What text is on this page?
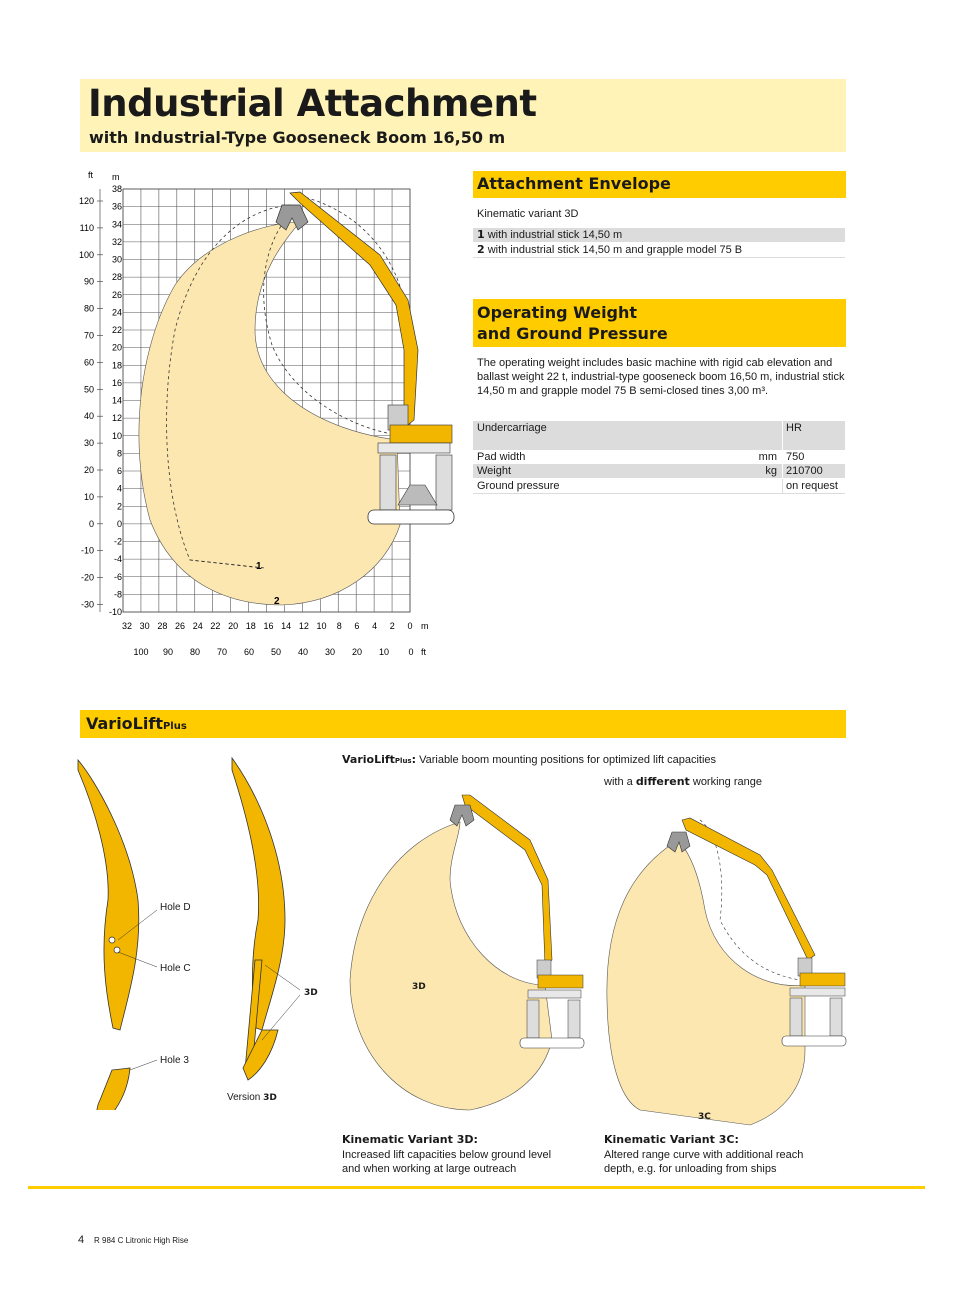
Industrial Attachment
with Industrial-Type Gooseneck Boom 16,50 m
1
2
ft m
m
ft
38
36
34
32
30
28
26
24
22
20
18
16
14
12
10
8
6
4
2
0
-2
-4
-6
-8
-10
120
110
100
90
80
70
60
50
40
30
20
10
0
-10
-20
-30
32 30 28 26 24 22 20 18 16 14 12 10 8 6 4 2 0
100 90 80 70 60 50 40 30 20 10 0
Attachment Envelope
Kinematic variant 3D
1 with industrial stick 14,50 m
2 with industrial stick 14,50 m and grapple model 75 B
Operating Weight
and Ground Pressure
The operating weight includes basic machine with rigid cab elevation and ballast weight 22 t, industrial-type gooseneck boom 16,50 m, industrial stick 14,50 m and grapple model 75 B semi-closed tines 3,00 m³.
Undercarriage	HR
Pad width	mm 750
Weight	kg 210700
Ground pressure	on request
VarioLiftPlus
VarioLiftPlus: Variable boom mounting positions for optimized lift capacities
with a different working range
Hole D
Hole C
Hole 3
3D
Version 3D
3D
3C
Kinematic Variant 3D:
Increased lift capacities below ground level
and when working at large outreach
Kinematic Variant 3C:
Altered range curve with additional reach
depth, e.g. for unloading from ships
4 R 984 C Litronic High Rise
